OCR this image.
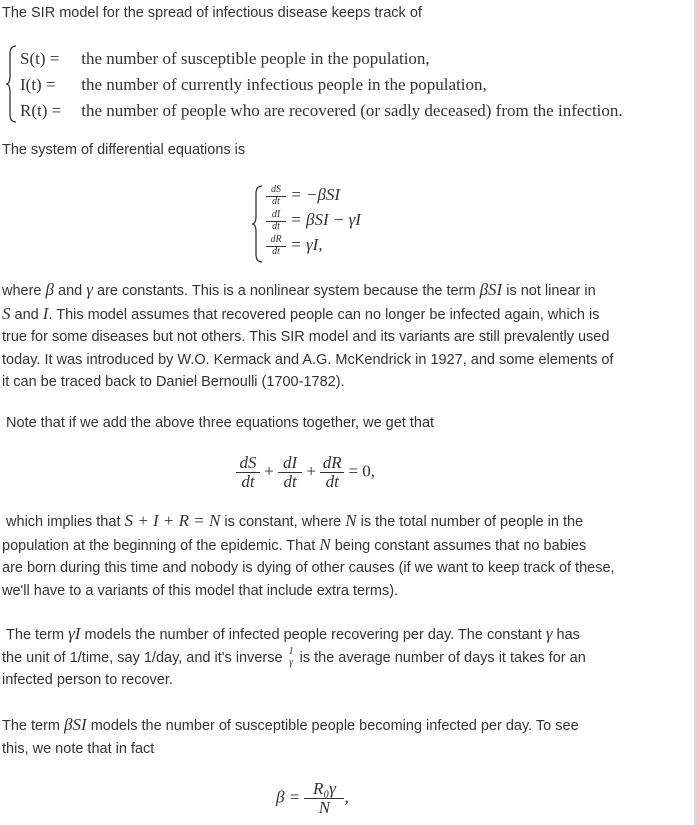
The SIR model for the spread of infectious disease keeps track of

S(t) = the number of susceptible people in the population,
I(t) = the number of currently infectious people in the population,
R(t) = the number of people who are recovered (or sadly deceased) from the infection.

The system of differential equations is

$\frac{dS}{dt} = -\beta SI$
$\frac{dI}{dt} = \beta SI - \gamma I$
$\frac{dR}{dt} = \gamma I$,
where β and γ are constants. This is a nonlinear system because the term βSI is not linear in
S and I. This model assumes that recovered people can no longer be infected again, which is
true for some diseases but not others. This SIR model and its variants are still prevalently used
today. It was introduced by W.O. Kermack and A.G. McKendrick in 1927, and some elements of
it can be traced back to Daniel Bernoulli (1700-1782).

Note that if we add the above three equations together, we get that

$\frac{dS}{dt} + \frac{dI}{dt} + \frac{dR}{dt} = 0$,
which implies that S + I + R = N is constant, where N is the total number of people in the
population at the beginning of the epidemic. That N being constant assumes that no babies
are born during this time and nobody is dying of other causes (if we want to keep track of these,
we'll have to a variants of this model that include extra terms).
The term γI models the number of infected people recovering per day. The constant γ has
the unit of 1/time, say 1/day, and it's inverse 1
γ is the average number of days it takes for an
infected person to recover.
The term βSI models the number of susceptible people becoming infected per day. To see
this, we note that in fact
$\beta = \frac{\text{R₀γ}}{N}$ ,
